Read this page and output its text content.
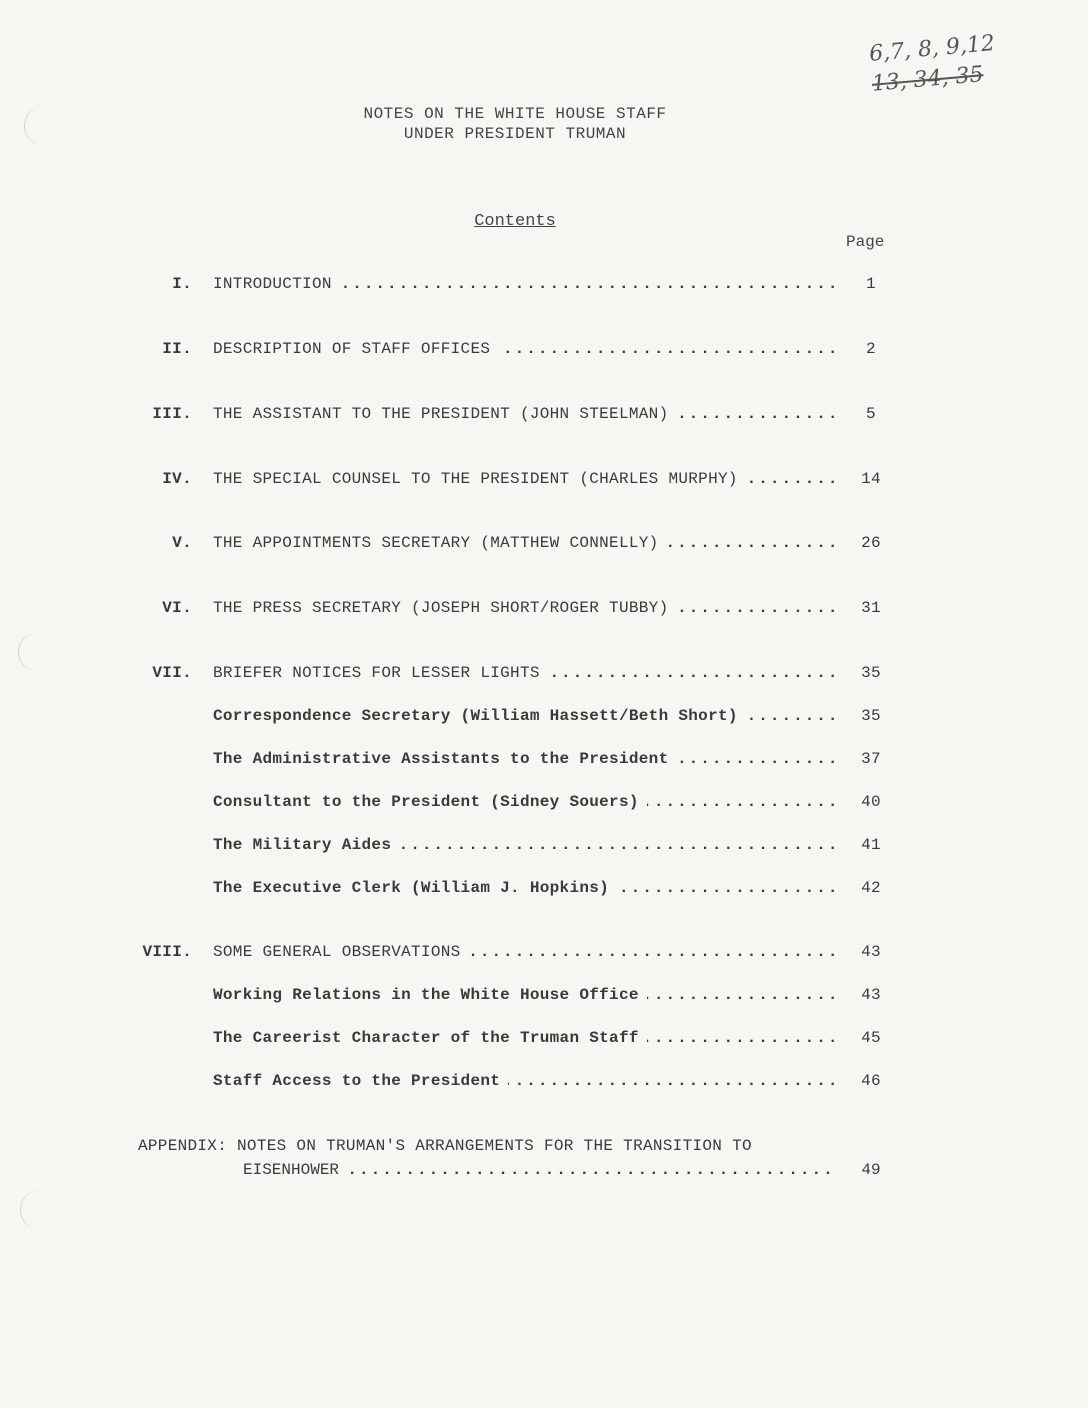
6,7, 8, 9,12
13, 34, 35
NOTES ON THE WHITE HOUSE STAFF
UNDER PRESIDENT TRUMAN
Contents
Page
I. INTRODUCTION .....	1
II. DESCRIPTION OF STAFF OFFICES .....	2
III. THE ASSISTANT TO THE PRESIDENT (JOHN STEELMAN) .....	5
IV. THE SPECIAL COUNSEL TO THE PRESIDENT (CHARLES MURPHY) .....	14
V. THE APPOINTMENTS SECRETARY (MATTHEW CONNELLY) .....	26
VI. THE PRESS SECRETARY (JOSEPH SHORT/ROGER TUBBY) .....	31
VII. BRIEFER NOTICES FOR LESSER LIGHTS .....	35
Correspondence Secretary (William Hassett/Beth Short) .....	35
The Administrative Assistants to the President .....	37
Consultant to the President (Sidney Souers) .....	40
The Military Aides .....	41
The Executive Clerk (William J. Hopkins) .....	42
VIII. SOME GENERAL OBSERVATIONS .....	43
Working Relations in the White House Office .....	43
The Careerist Character of the Truman Staff .....	45
Staff Access to the President .....	46
APPENDIX: NOTES ON TRUMAN'S ARRANGEMENTS FOR THE TRANSITION TO
EISENHOWER .....	49
